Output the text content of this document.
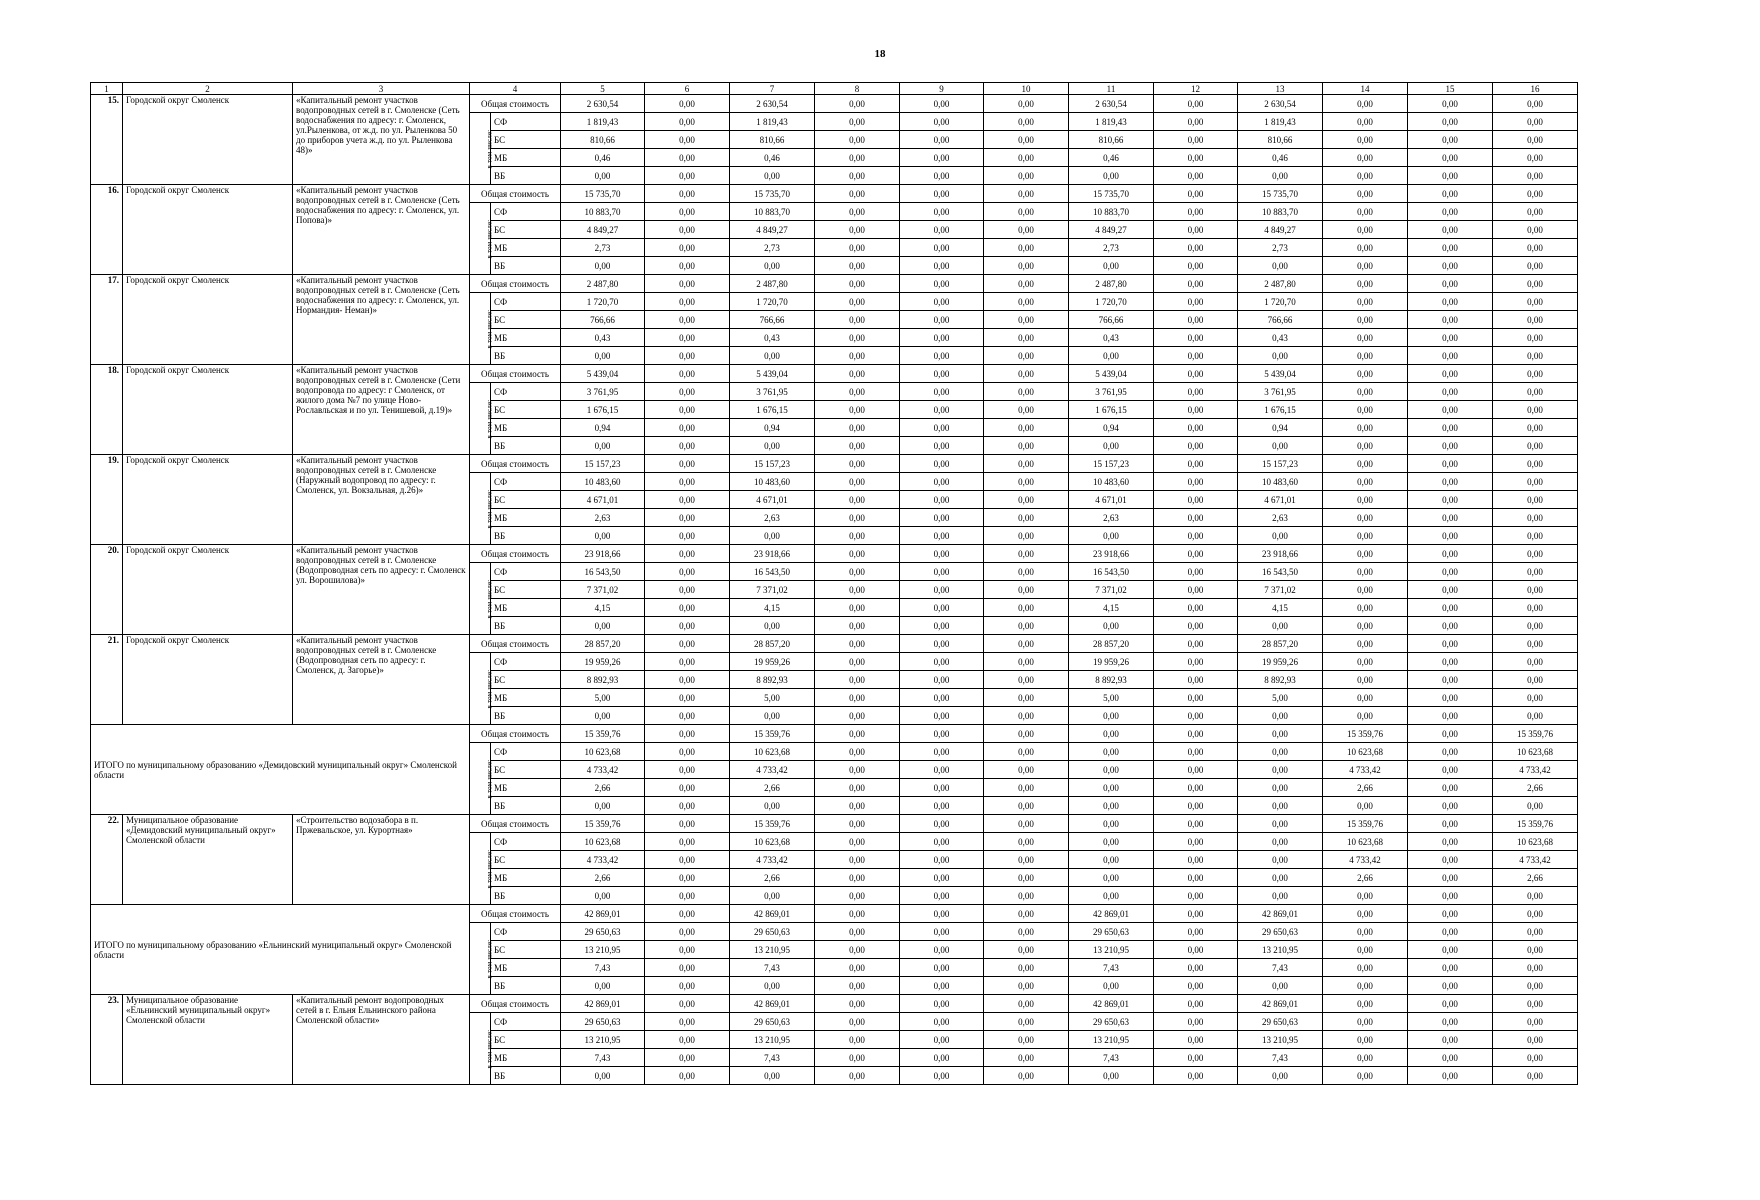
18
1	2	3	4		5	6	7	8	9	10	11	12	13	14	15	16
15.	Городской округ Смоленск	«Капитальный ремонт участков водопроводных сетей в г. Смоленске (Сеть водоснабжения по адресу: г. Смоленск, ул.Рыленкова, от ж.д. по ул. Рыленкова 50 до приборов учета ж.д. по ул. Рыленкова 48)»	Общая стоимость		2 630,54	0,00	2 630,54	0,00	0,00	0,00	2 630,54	0,00	2 630,54	0,00	0,00	0,00
			в том числе:	СФ	1 819,43	0,00	1 819,43	0,00	0,00	0,00	1 819,43	0,00	1 819,43	0,00	0,00	0,00
				БС	810,66	0,00	810,66	0,00	0,00	0,00	810,66	0,00	810,66	0,00	0,00	0,00
				МБ	0,46	0,00	0,46	0,00	0,00	0,00	0,46	0,00	0,46	0,00	0,00	0,00
				ВБ	0,00	0,00	0,00	0,00	0,00	0,00	0,00	0,00	0,00	0,00	0,00	0,00
16.	Городской округ Смоленск	«Капитальный ремонт участков водопроводных сетей в г. Смоленске (Сеть водоснабжения по адресу: г. Смоленск, ул. Попова)»	Общая стоимость		15 735,70	0,00	15 735,70	0,00	0,00	0,00	15 735,70	0,00	15 735,70	0,00	0,00	0,00
			в том числе:	СФ	10 883,70	0,00	10 883,70	0,00	0,00	0,00	10 883,70	0,00	10 883,70	0,00	0,00	0,00
				БС	4 849,27	0,00	4 849,27	0,00	0,00	0,00	4 849,27	0,00	4 849,27	0,00	0,00	0,00
				МБ	2,73	0,00	2,73	0,00	0,00	0,00	2,73	0,00	2,73	0,00	0,00	0,00
				ВБ	0,00	0,00	0,00	0,00	0,00	0,00	0,00	0,00	0,00	0,00	0,00	0,00
17.	Городской округ Смоленск	«Капитальный ремонт участков водопроводных сетей в г. Смоленске (Сеть водоснабжения по адресу: г. Смоленск, ул. Нормандия- Неман)»	Общая стоимость		2 487,80	0,00	2 487,80	0,00	0,00	0,00	2 487,80	0,00	2 487,80	0,00	0,00	0,00
			в том числе:	СФ	1 720,70	0,00	1 720,70	0,00	0,00	0,00	1 720,70	0,00	1 720,70	0,00	0,00	0,00
				БС	766,66	0,00	766,66	0,00	0,00	0,00	766,66	0,00	766,66	0,00	0,00	0,00
				МБ	0,43	0,00	0,43	0,00	0,00	0,00	0,43	0,00	0,43	0,00	0,00	0,00
				ВБ	0,00	0,00	0,00	0,00	0,00	0,00	0,00	0,00	0,00	0,00	0,00	0,00
18.	Городской округ Смоленск	«Капитальный ремонт участков водопроводных сетей в г. Смоленске (Сети водопровода по адресу: г Смоленск, от жилого дома №7 по улице Ново-Рославльская и по ул. Тенишевой, д.19)»	Общая стоимость		5 439,04	0,00	5 439,04	0,00	0,00	0,00	5 439,04	0,00	5 439,04	0,00	0,00	0,00
			в том числе:	СФ	3 761,95	0,00	3 761,95	0,00	0,00	0,00	3 761,95	0,00	3 761,95	0,00	0,00	0,00
				БС	1 676,15	0,00	1 676,15	0,00	0,00	0,00	1 676,15	0,00	1 676,15	0,00	0,00	0,00
				МБ	0,94	0,00	0,94	0,00	0,00	0,00	0,94	0,00	0,94	0,00	0,00	0,00
				ВБ	0,00	0,00	0,00	0,00	0,00	0,00	0,00	0,00	0,00	0,00	0,00	0,00
19.	Городской округ Смоленск	«Капитальный ремонт участков водопроводных сетей в г. Смоленске (Наружный водопровод по адресу: г. Смоленск, ул. Вокзальная, д.26)»	Общая стоимость		15 157,23	0,00	15 157,23	0,00	0,00	0,00	15 157,23	0,00	15 157,23	0,00	0,00	0,00
			в том числе:	СФ	10 483,60	0,00	10 483,60	0,00	0,00	0,00	10 483,60	0,00	10 483,60	0,00	0,00	0,00
				БС	4 671,01	0,00	4 671,01	0,00	0,00	0,00	4 671,01	0,00	4 671,01	0,00	0,00	0,00
				МБ	2,63	0,00	2,63	0,00	0,00	0,00	2,63	0,00	2,63	0,00	0,00	0,00
				ВБ	0,00	0,00	0,00	0,00	0,00	0,00	0,00	0,00	0,00	0,00	0,00	0,00
20.	Городской округ Смоленск	«Капитальный ремонт участков водопроводных сетей в г. Смоленске (Водопроводная сеть по адресу: г. Смоленск ул. Ворошилова)»	Общая стоимость		23 918,66	0,00	23 918,66	0,00	0,00	0,00	23 918,66	0,00	23 918,66	0,00	0,00	0,00
			в том числе:	СФ	16 543,50	0,00	16 543,50	0,00	0,00	0,00	16 543,50	0,00	16 543,50	0,00	0,00	0,00
				БС	7 371,02	0,00	7 371,02	0,00	0,00	0,00	7 371,02	0,00	7 371,02	0,00	0,00	0,00
				МБ	4,15	0,00	4,15	0,00	0,00	0,00	4,15	0,00	4,15	0,00	0,00	0,00
				ВБ	0,00	0,00	0,00	0,00	0,00	0,00	0,00	0,00	0,00	0,00	0,00	0,00
21.	Городской округ Смоленск	«Капитальный ремонт участков водопроводных сетей в г. Смоленске (Водопроводная сеть по адресу: г. Смоленск, д. Загорье)»	Общая стоимость		28 857,20	0,00	28 857,20	0,00	0,00	0,00	28 857,20	0,00	28 857,20	0,00	0,00	0,00
			в том числе:	СФ	19 959,26	0,00	19 959,26	0,00	0,00	0,00	19 959,26	0,00	19 959,26	0,00	0,00	0,00
				БС	8 892,93	0,00	8 892,93	0,00	0,00	0,00	8 892,93	0,00	8 892,93	0,00	0,00	0,00
				МБ	5,00	0,00	5,00	0,00	0,00	0,00	5,00	0,00	5,00	0,00	0,00	0,00
				ВБ	0,00	0,00	0,00	0,00	0,00	0,00	0,00	0,00	0,00	0,00	0,00	0,00
ИТОГО по муниципальному образованию «Демидовский муниципальный округ» Смоленской области			Общая стоимость		15 359,76	0,00	15 359,76	0,00	0,00	0,00	0,00	0,00	0,00	15 359,76	0,00	15 359,76
			в том числе:	СФ	10 623,68	0,00	10 623,68	0,00	0,00	0,00	0,00	0,00	0,00	10 623,68	0,00	10 623,68
				БС	4 733,42	0,00	4 733,42	0,00	0,00	0,00	0,00	0,00	0,00	4 733,42	0,00	4 733,42
				МБ	2,66	0,00	2,66	0,00	0,00	0,00	0,00	0,00	0,00	2,66	0,00	2,66
				ВБ	0,00	0,00	0,00	0,00	0,00	0,00	0,00	0,00	0,00	0,00	0,00	0,00
22.	Муниципальное образование «Демидовский муниципальный округ» Смоленской области	«Строительство водозабора в п. Пржевальское, ул. Курортная»	Общая стоимость		15 359,76	0,00	15 359,76	0,00	0,00	0,00	0,00	0,00	0,00	15 359,76	0,00	15 359,76
			в том числе:	СФ	10 623,68	0,00	10 623,68	0,00	0,00	0,00	0,00	0,00	0,00	10 623,68	0,00	10 623,68
				БС	4 733,42	0,00	4 733,42	0,00	0,00	0,00	0,00	0,00	0,00	4 733,42	0,00	4 733,42
				МБ	2,66	0,00	2,66	0,00	0,00	0,00	0,00	0,00	0,00	2,66	0,00	2,66
				ВБ	0,00	0,00	0,00	0,00	0,00	0,00	0,00	0,00	0,00	0,00	0,00	0,00
ИТОГО по муниципальному образованию «Ельнинский муниципальный округ» Смоленской области			Общая стоимость		42 869,01	0,00	42 869,01	0,00	0,00	0,00	42 869,01	0,00	42 869,01	0,00	0,00	0,00
			в том числе:	СФ	29 650,63	0,00	29 650,63	0,00	0,00	0,00	29 650,63	0,00	29 650,63	0,00	0,00	0,00
				БС	13 210,95	0,00	13 210,95	0,00	0,00	0,00	13 210,95	0,00	13 210,95	0,00	0,00	0,00
				МБ	7,43	0,00	7,43	0,00	0,00	0,00	7,43	0,00	7,43	0,00	0,00	0,00
				ВБ	0,00	0,00	0,00	0,00	0,00	0,00	0,00	0,00	0,00	0,00	0,00	0,00
23.	Муниципальное образование «Ельнинский муниципальный округ» Смоленской области	«Капитальный ремонт водопроводных сетей в г. Ельня Ельнинского района Смоленской области»	Общая стоимость		42 869,01	0,00	42 869,01	0,00	0,00	0,00	42 869,01	0,00	42 869,01	0,00	0,00	0,00
			в том числе:	СФ	29 650,63	0,00	29 650,63	0,00	0,00	0,00	29 650,63	0,00	29 650,63	0,00	0,00	0,00
				БС	13 210,95	0,00	13 210,95	0,00	0,00	0,00	13 210,95	0,00	13 210,95	0,00	0,00	0,00
				МБ	7,43	0,00	7,43	0,00	0,00	0,00	7,43	0,00	7,43	0,00	0,00	0,00
				ВБ	0,00	0,00	0,00	0,00	0,00	0,00	0,00	0,00	0,00	0,00	0,00	0,00
